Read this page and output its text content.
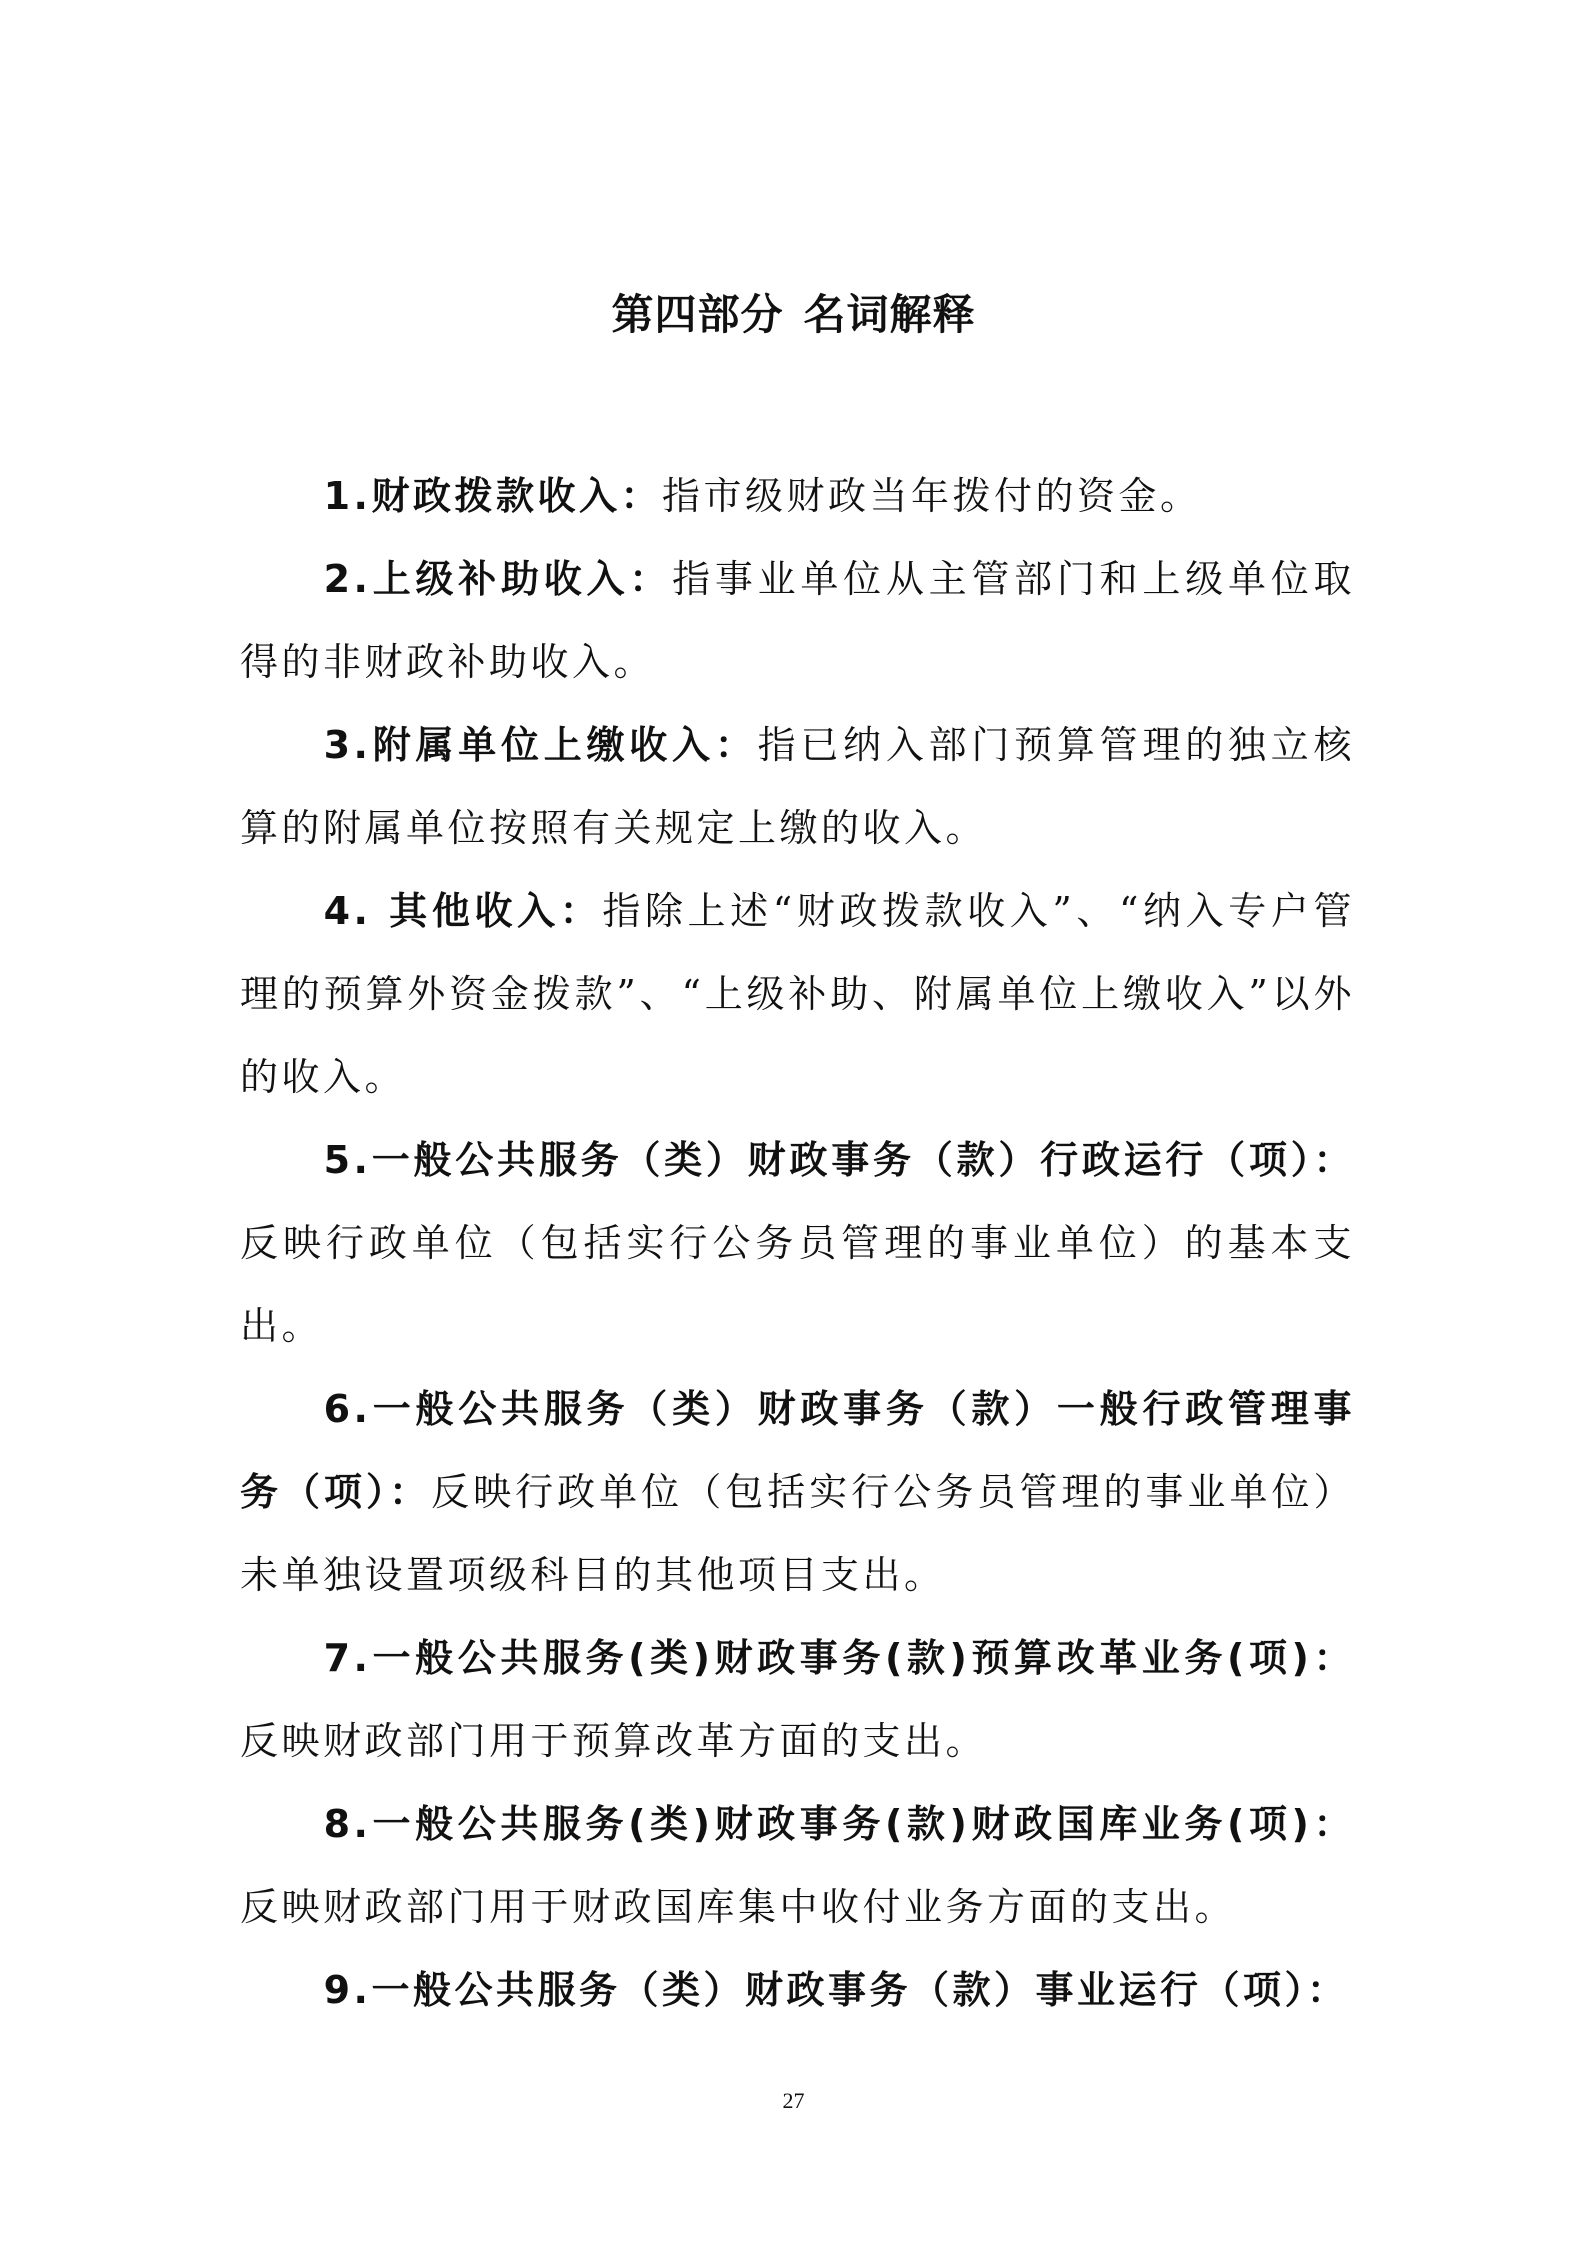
第四部分 名词解释

1.财政拨款收入：指市级财政当年拨付的资金。

2.上级补助收入：指事业单位从主管部门和上级单位取得的非财政补助收入。

3.附属单位上缴收入：指已纳入部门预算管理的独立核算的附属单位按照有关规定上缴的收入。

4. 其他收入：指除上述“财政拨款收入”、“纳入专户管理的预算外资金拨款”、“上级补助、附属单位上缴收入”以外的收入。

5.一般公共服务（类）财政事务（款）行政运行（项）：反映行政单位（包括实行公务员管理的事业单位）的基本支出。

6.一般公共服务（类）财政事务（款）一般行政管理事务（项）：反映行政单位（包括实行公务员管理的事业单位）未单独设置项级科目的其他项目支出。

7.一般公共服务(类)财政事务(款)预算改革业务(项)：反映财政部门用于预算改革方面的支出。

8.一般公共服务(类)财政事务(款)财政国库业务(项)：反映财政部门用于财政国库集中收付业务方面的支出。

9.一般公共服务（类）财政事务（款）事业运行（项）：

27
